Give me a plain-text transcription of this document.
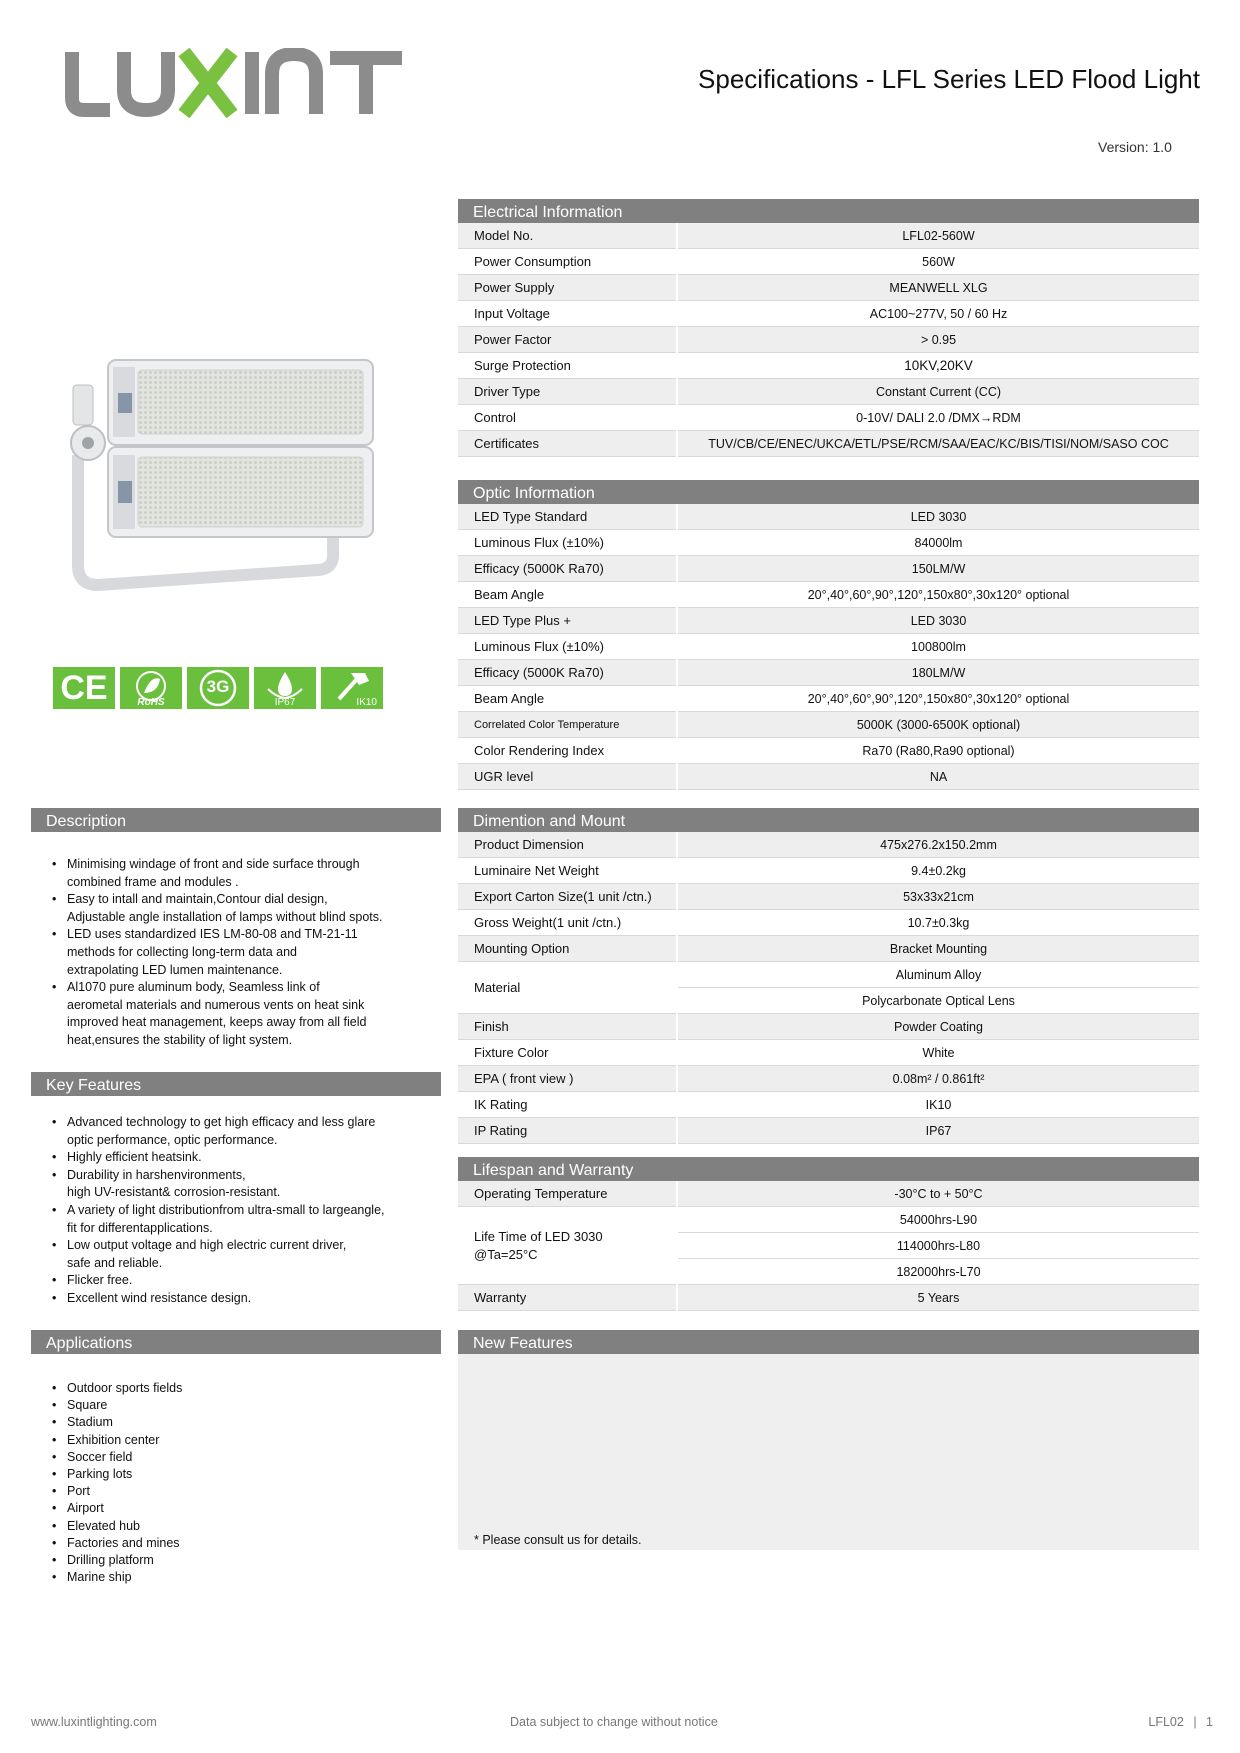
Specifications - LFL Series LED Flood Light
Version: 1.0
CE	RoHS
3G
IP67	IK10
Electrical Information
Model No.	LFL02-560W
Power Consumption	560W
Power Supply	MEANWELL XLG
Input Voltage	AC100~277V, 50 / 60 Hz
Power Factor	> 0.95
Surge Protection	10KV,20KV
Driver Type	Constant Current (CC)
Control	0-10V/ DALI 2.0 /DMX→RDM
Certificates	TUV/CB/CE/ENEC/UKCA/ETL/PSE/RCM/SAA/EAC/KC/BIS/TISI/NOM/SASO COC
Optic Information
LED Type Standard	LED 3030
Luminous Flux (±10%)	84000lm
Efficacy (5000K Ra70)	150LM/W
Beam Angle	20°,40°,60°,90°,120°,150x80°,30x120° optional
LED Type Plus +	LED 3030
Luminous Flux (±10%)	100800lm
Efficacy (5000K Ra70)	180LM/W
Beam Angle	20°,40°,60°,90°,120°,150x80°,30x120° optional
Correlated Color Temperature	5000K (3000-6500K optional)
Color Rendering Index	Ra70 (Ra80,Ra90 optional)
UGR level	NA
Dimention and Mount
Product Dimension	475x276.2x150.2mm
Luminaire Net Weight	9.4±0.2kg
Export Carton Size(1 unit /ctn.)	53x33x21cm
Gross Weight(1 unit /ctn.)	10.7±0.3kg
Mounting Option	Bracket Mounting
Material	Aluminum Alloy
	Polycarbonate Optical Lens
Finish	Powder Coating
Fixture Color	White
EPA ( front view )	0.08m² / 0.861ft²
IK Rating	IK10
IP Rating	IP67
Lifespan and Warranty
Operating Temperature	-30°C to + 50°C
Life Time of LED 3030
@Ta=25°C	54000hrs-L90
	114000hrs-L80
	182000hrs-L70
Warranty	5 Years
New Features
* Please consult us for details.
Description
• Minimising windage of front and side surface through
combined frame and modules .
• Easy to intall and maintain,Contour dial design,
Adjustable angle installation of lamps without blind spots.
• LED uses standardized IES LM-80-08 and TM-21-11
methods for collecting long-term data and
extrapolating LED lumen maintenance.
• Al1070 pure aluminum body, Seamless link of
aerometal materials and numerous vents on heat sink
improved heat management, keeps away from all field
heat,ensures the stability of light system.
Key Features
• Advanced technology to get high efficacy and less glare
optic performance, optic performance.
• Highly efficient heatsink.
• Durability in harshenvironments,
high UV-resistant& corrosion-resistant.
• A variety of light distributionfrom ultra-small to largeangle,
fit for differentapplications.
• Low output voltage and high electric current driver,
safe and reliable.
• Flicker free.
• Excellent wind resistance design.
Applications
• Outdoor sports fields
• Square
• Stadium
• Exhibition center
• Soccer field
• Parking lots
• Port
• Airport
• Elevated hub
• Factories and mines
• Drilling platform
• Marine ship
www.luxintlighting.com	Data subject to change without notice	LFL02 | 1
